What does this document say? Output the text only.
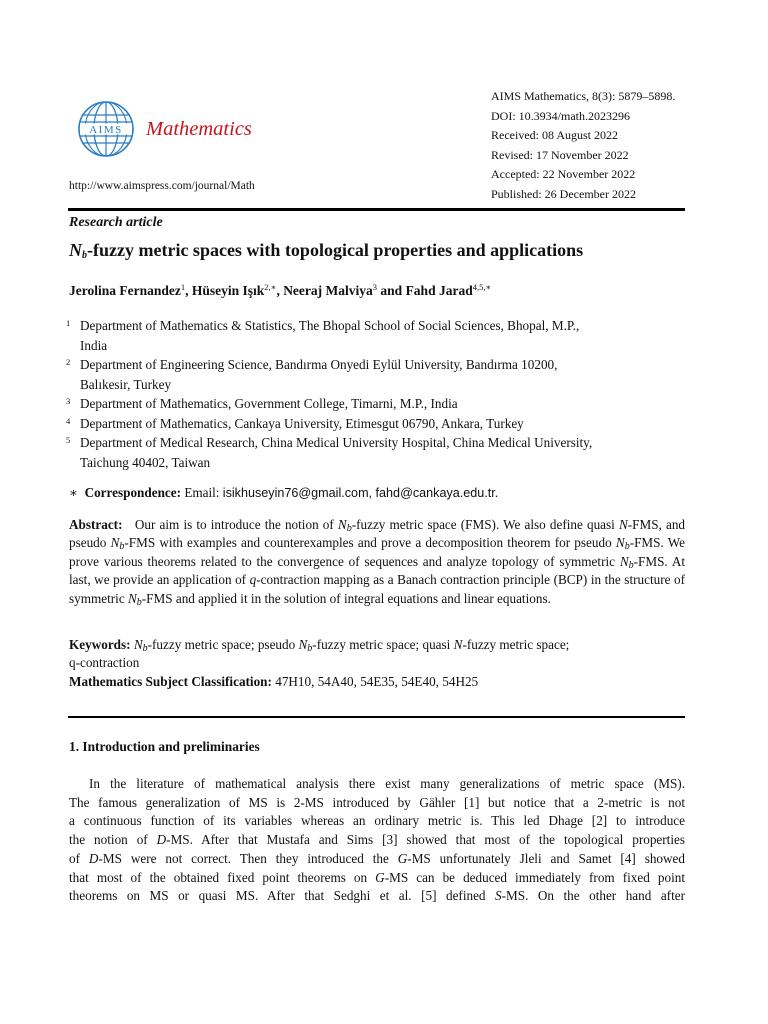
AIMS Mathematics
http://www.aimspress.com/journal/Math
AIMS Mathematics, 8(3): 5879–5898.
DOI: 10.3934/math.2023296
Received: 08 August 2022
Revised: 17 November 2022
Accepted: 22 November 2022
Published: 26 December 2022
Research article
$N_b$-fuzzy metric spaces with topological properties and applications
Jerolina Fernandez$^1$, Hüseyin Işık$^{2,∗}$, Neeraj Malviya$^3$ and Fahd Jarad$^{4,5,∗}$
1 Department of Mathematics & Statistics, The Bhopal School of Social Sciences, Bhopal, M.P.,
India
2 Department of Engineering Science, Bandırma Onyedi Eylül University, Bandırma 10200,
Balıkesir, Turkey
3 Department of Mathematics, Government College, Timarni, M.P., India
4 Department of Mathematics, Cankaya University, Etimesgut 06790, Ankara, Turkey
5 Department of Medical Research, China Medical University Hospital, China Medical University,
Taichung 40402, Taiwan
∗ Correspondence: Email: isikhuseyin76@gmail.com, fahd@cankaya.edu.tr.
Abstract: Our aim is to introduce the notion of $N_b$-fuzzy metric space (FMS). We also define quasi N-FMS, and pseudo $N_b$-FMS with examples and counterexamples and prove a decomposition theorem for pseudo $N_b$-FMS. We prove various theorems related to the convergence of sequences and analyze topology of symmetric $N_b$-FMS. At last, we provide an application of q-contraction mapping as a Banach contraction principle (BCP) in the structure of symmetric $N_b$-FMS and applied it in the solution of integral equations and linear equations.
Keywords: $N_b$-fuzzy metric space; pseudo $N_b$-fuzzy metric space; quasi N-fuzzy metric space;
q-contraction
Mathematics Subject Classification: 47H10, 54A40, 54E35, 54E40, 54H25
1. Introduction and preliminaries
In the literature of mathematical analysis there exist many generalizations of metric space (MS).
The famous generalization of MS is 2-MS introduced by Gähler [1] but notice that a 2-metric is not
a continuous function of its variables whereas an ordinary metric is. This led Dhage [2] to introduce
the notion of D-MS. After that Mustafa and Sims [3] showed that most of the topological properties
of D-MS were not correct. Then they introduced the G-MS unfortunately Jleli and Samet [4] showed
that most of the obtained fixed point theorems on G-MS can be deduced immediately from fixed point
theorems on MS or quasi MS. After that Sedghi et al. [5] defined S-MS. On the other hand after
